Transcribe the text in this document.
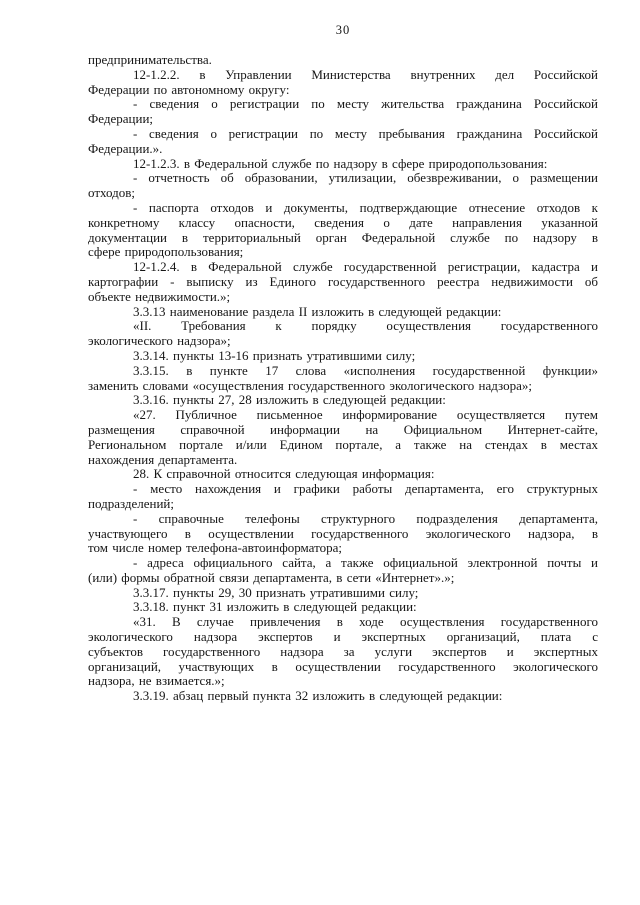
30
предпринимательства.
12-1.2.2. в Управлении Министерства внутренних дел Российской
Федерации по автономному округу:
- сведения о регистрации по месту жительства гражданина Российской
Федерации;
- сведения о регистрации по месту пребывания гражданина Российской
Федерации.».
12-1.2.3. в Федеральной службе по надзору в сфере природопользования:
- отчетность об образовании, утилизации, обезвреживании, о размещении
отходов;
- паспорта отходов и документы, подтверждающие отнесение отходов к
конкретному классу опасности, сведения о дате направления указанной
документации в территориальный орган Федеральной службе по надзору в
сфере природопользования;
12-1.2.4. в Федеральной службе государственной регистрации, кадастра и
картографии - выписку из Единого государственного реестра недвижимости об
объекте недвижимости.»;
3.3.13 наименование раздела II изложить в следующей редакции:
«II. Требования к порядку осуществления государственного
экологического надзора»;
3.3.14. пункты 13-16 признать утратившими силу;
3.3.15. в пункте 17 слова «исполнения государственной функции»
заменить словами «осуществления государственного экологического надзора»;
3.3.16. пункты 27, 28 изложить в следующей редакции:
«27. Публичное письменное информирование осуществляется путем
размещения справочной информации на Официальном Интернет-сайте,
Региональном портале и/или Едином портале, а также на стендах в местах
нахождения департамента.
28. К справочной относится следующая информация:
- место нахождения и графики работы департамента, его структурных
подразделений;
- справочные телефоны структурного подразделения департамента,
участвующего в осуществлении государственного экологического надзора, в
том числе номер телефона-автоинформатора;
- адреса официального сайта, а также официальной электронной почты и
(или) формы обратной связи департамента, в сети «Интернет».»;
3.3.17. пункты 29, 30 признать утратившими силу;
3.3.18. пункт 31 изложить в следующей редакции:
«31. В случае привлечения в ходе осуществления государственного
экологического надзора экспертов и экспертных организаций, плата с
субъектов государственного надзора за услуги экспертов и экспертных
организаций, участвующих в осуществлении государственного экологического
надзора, не взимается.»;
3.3.19. абзац первый пункта 32 изложить в следующей редакции:
